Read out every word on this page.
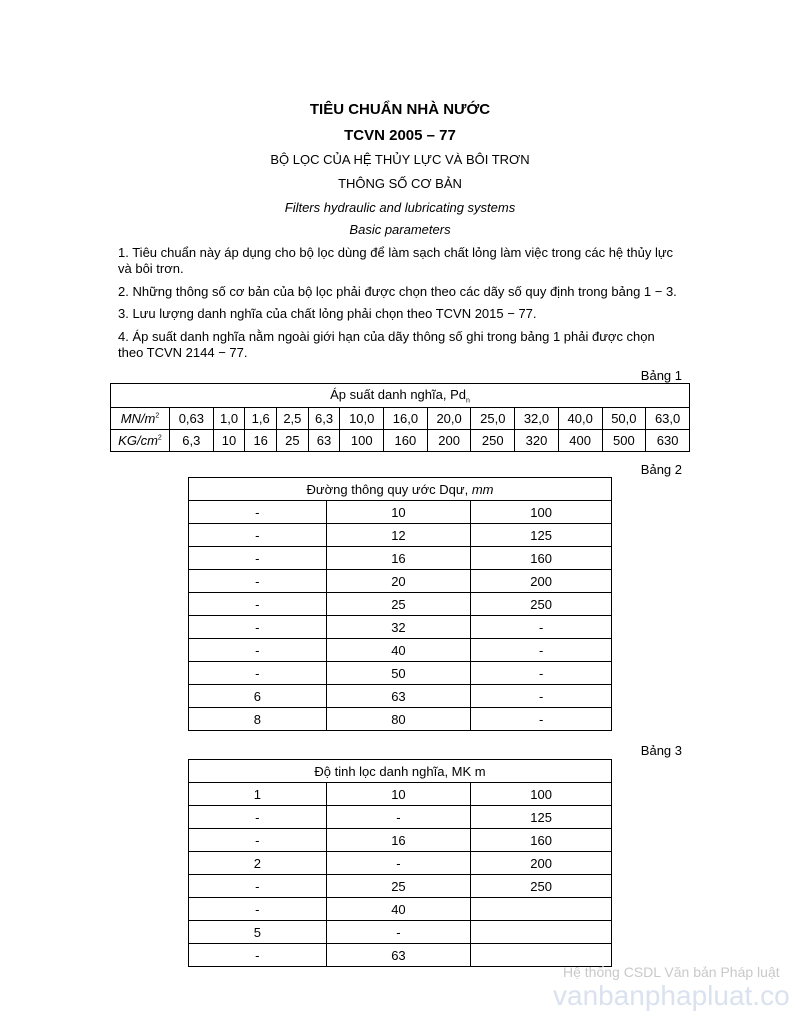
TIÊU CHUẨN NHÀ NƯỚC
TCVN 2005 – 77
BỘ LỌC CỦA HỆ THỦY LỰC VÀ BÔI TRƠN
THÔNG SỐ CƠ BẢN
Filters hydraulic and lubricating systems
Basic parameters
1. Tiêu chuẩn này áp dụng cho bộ lọc dùng để làm sạch chất lỏng làm việc trong các hệ thủy lực và bôi trơn.
2. Những thông số cơ bản của bộ lọc phải được chọn theo các dãy số quy định trong bảng 1 − 3.
3. Lưu lượng danh nghĩa của chất lỏng phải chọn theo TCVN 2015 − 77.
4. Áp suất danh nghĩa nằm ngoài giới hạn của dãy thông số ghi trong bảng 1 phải được chọn theo TCVN 2144 − 77.
Bảng 1
Áp suất danh nghĩa, $Pd_n$
$MN/m^2$	0,63	1,0	1,6	2,5	6,3	10,0	16,0	20,0	25,0	32,0	40,0	50,0	63,0
$KG/cm^2$	6,3	10	16	25	63	100	160	200	250	320	400	500	630
Bảng 2
Đường thông quy ước Dqư, mm		
-	10	100
-	12	125
-	16	160
-	20	200
-	25	250
-	32	-
-	40	-
-	50	-
6	63	-
8	80	-
Bảng 3
Độ tinh lọc danh nghĩa, MK m		
1	10	100
-	-	125
-	16	160
2	-	200
-	25	250
-	40	
5	-	
-	63	
Hệ thống CSDL Văn bản Pháp luật
vanbanphapluat.co
